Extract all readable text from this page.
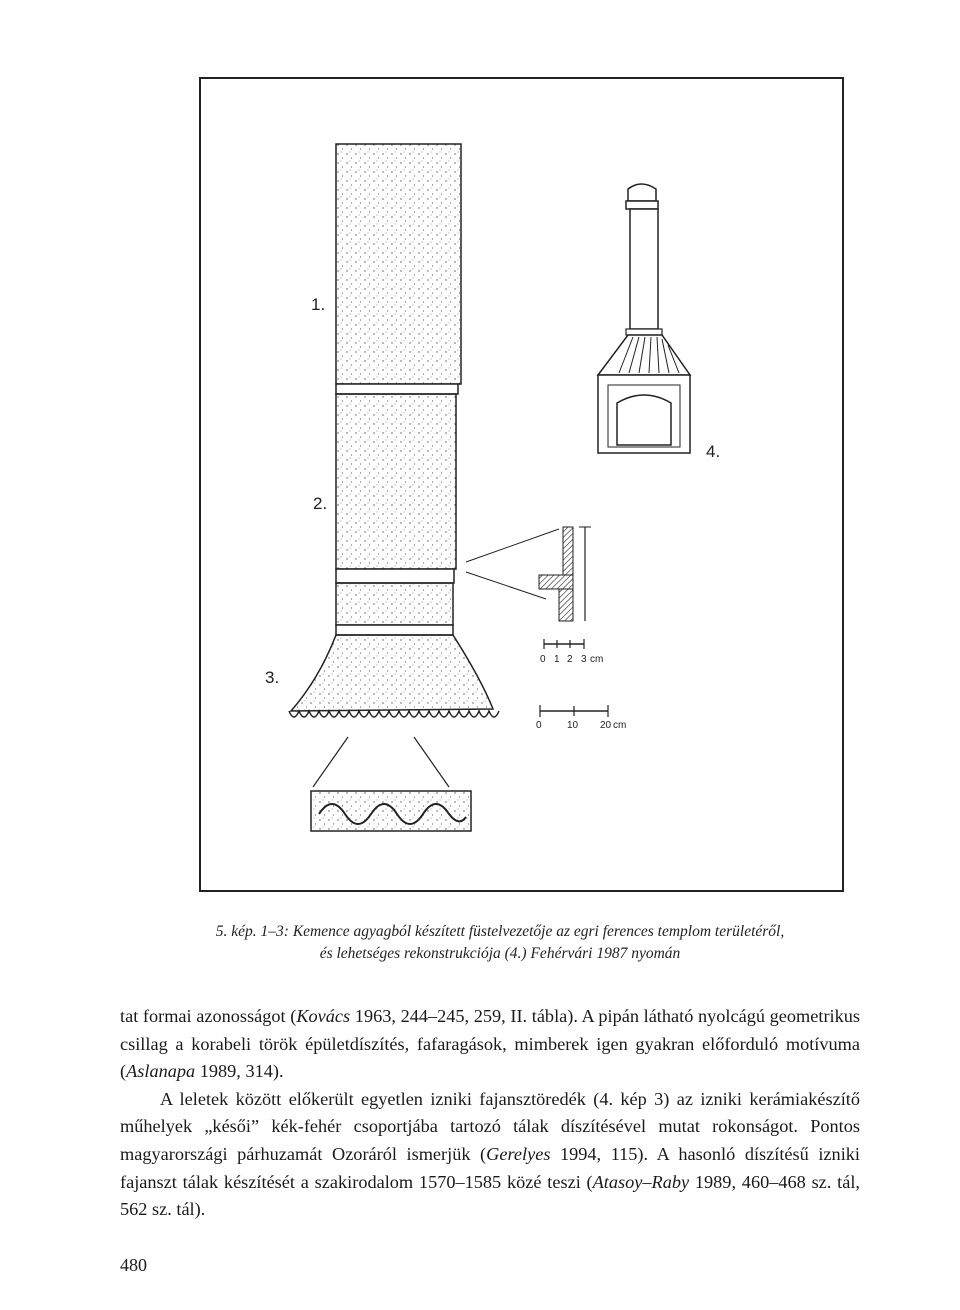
1.
2.
3.
4.
0 1 2 3 cm
0	10 20 cm
5. kép. 1–3: Kemence agyagból készített füstelvezetője az egri ferences templom területéről,
és lehetséges rekonstrukciója (4.) Fehérvári 1987 nyomán

tat formai azonosságot (Kovács 1963, 244–245, 259, II. tábla). A pipán látható nyolcágú geometrikus csillag a korabeli török épületdíszítés, fafaragások, mimberek igen gyakran előforduló motívuma (Aslanapa 1989, 314).

A leletek között előkerült egyetlen izniki fajansztöredék (4. kép 3) az izniki kerámiakészítő műhelyek „késői” kék-fehér csoportjába tartozó tálak díszítésével mutat rokonságot. Pontos magyarországi párhuzamát Ozoráról ismerjük (Gerelyes 1994, 115). A hasonló díszítésű izniki fajanszt tálak készítését a szakirodalom 1570–1585 közé teszi (Atasoy–Raby 1989, 460–468 sz. tál, 562 sz. tál).

480
